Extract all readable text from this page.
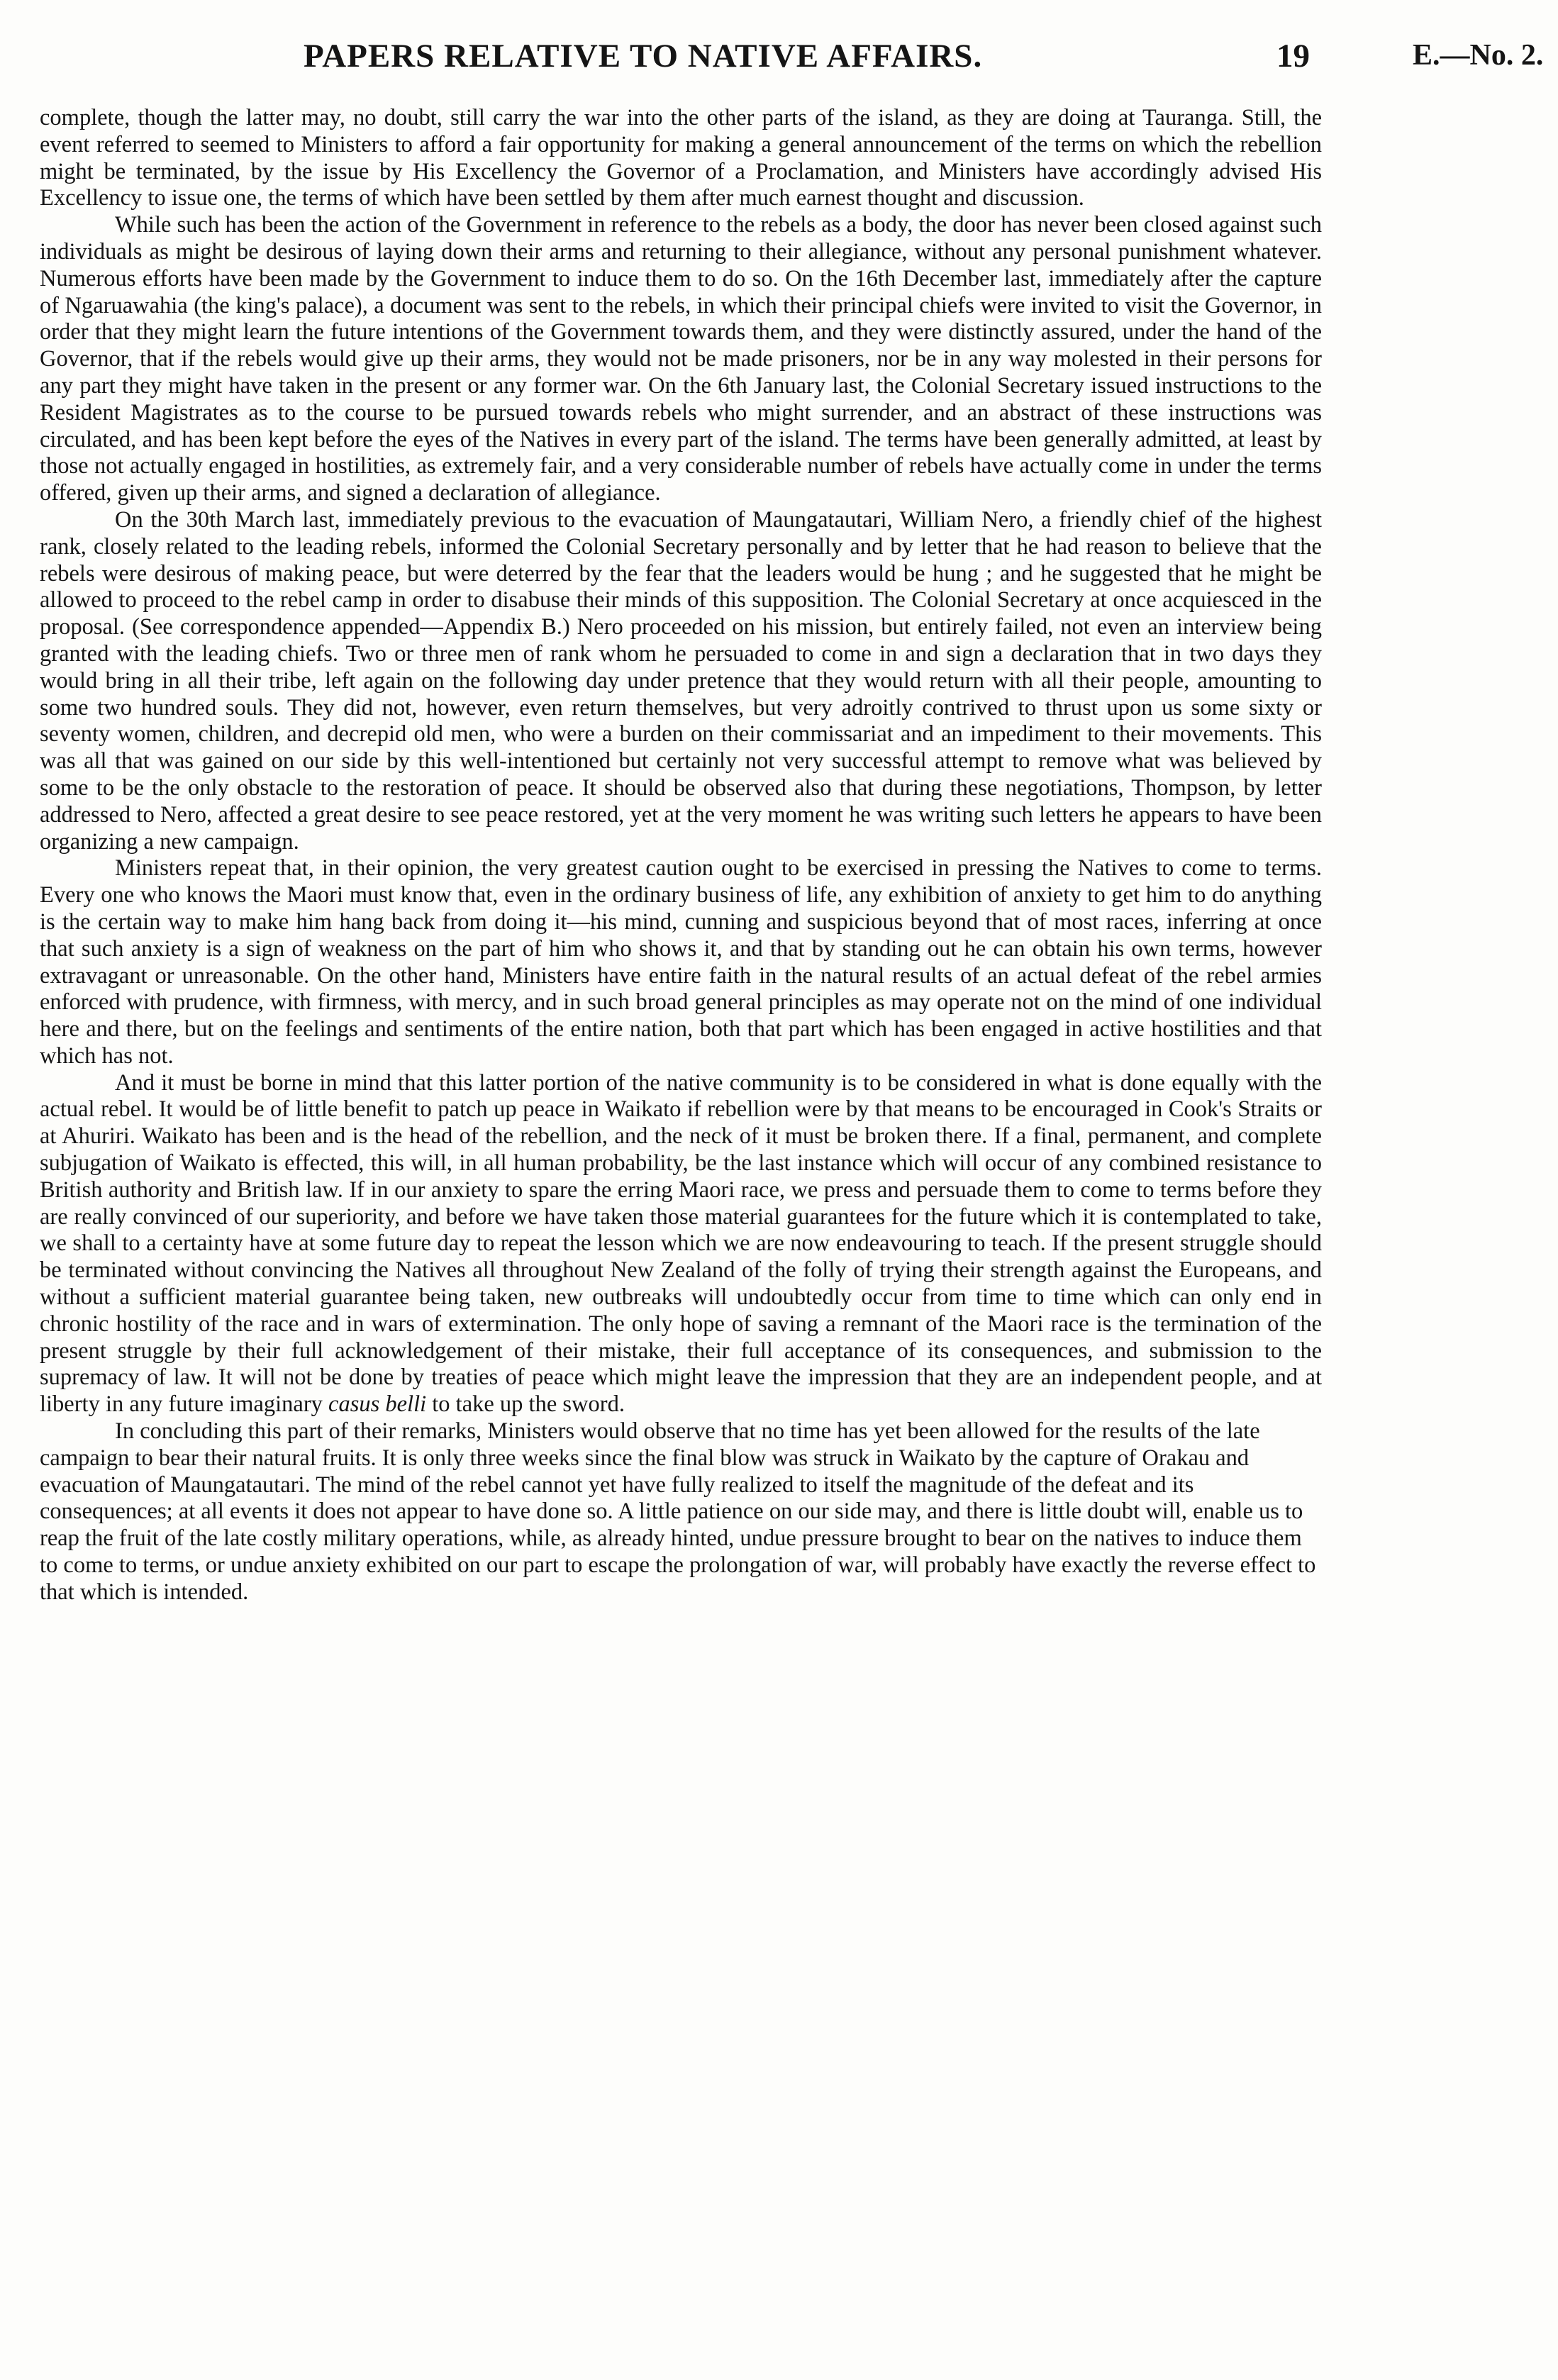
PAPERS RELATIVE TO NATIVE AFFAIRS.	19	E.—No. 2.

complete, though the latter may, no doubt, still carry the war into the other parts of the island, as they are doing at Tauranga. Still, the event referred to seemed to Ministers to afford a fair opportunity for making a general announcement of the terms on which the rebellion might be terminated, by the issue by His Excellency the Governor of a Proclamation, and Ministers have accordingly advised His Excellency to issue one, the terms of which have been settled by them after much earnest thought and discussion.

While such has been the action of the Government in reference to the rebels as a body, the door has never been closed against such individuals as might be desirous of laying down their arms and returning to their allegiance, without any personal punishment whatever. Numerous efforts have been made by the Government to induce them to do so. On the 16th December last, immediately after the capture of Ngaruawahia (the king's palace), a document was sent to the rebels, in which their principal chiefs were invited to visit the Governor, in order that they might learn the future intentions of the Government towards them, and they were distinctly assured, under the hand of the Governor, that if the rebels would give up their arms, they would not be made prisoners, nor be in any way molested in their persons for any part they might have taken in the present or any former war. On the 6th January last, the Colonial Secretary issued instructions to the Resident Magistrates as to the course to be pursued towards rebels who might surrender, and an abstract of these instructions was circulated, and has been kept before the eyes of the Natives in every part of the island. The terms have been generally admitted, at least by those not actually engaged in hostilities, as extremely fair, and a very considerable number of rebels have actually come in under the terms offered, given up their arms, and signed a declaration of allegiance.

On the 30th March last, immediately previous to the evacuation of Maungatautari, William Nero, a friendly chief of the highest rank, closely related to the leading rebels, informed the Colonial Secretary personally and by letter that he had reason to believe that the rebels were desirous of making peace, but were deterred by the fear that the leaders would be hung ; and he suggested that he might be allowed to proceed to the rebel camp in order to disabuse their minds of this supposition. The Colonial Secretary at once acquiesced in the proposal. (See correspondence appended—Appendix B.) Nero proceeded on his mission, but entirely failed, not even an interview being granted with the leading chiefs. Two or three men of rank whom he persuaded to come in and sign a declaration that in two days they would bring in all their tribe, left again on the following day under pretence that they would return with all their people, amounting to some two hundred souls. They did not, however, even return themselves, but very adroitly contrived to thrust upon us some sixty or seventy women, children, and decrepid old men, who were a burden on their commissariat and an impediment to their movements. This was all that was gained on our side by this well-intentioned but certainly not very successful attempt to remove what was believed by some to be the only obstacle to the restoration of peace. It should be observed also that during these negotiations, Thompson, by letter addressed to Nero, affected a great desire to see peace restored, yet at the very moment he was writing such letters he appears to have been organizing a new campaign.

Ministers repeat that, in their opinion, the very greatest caution ought to be exercised in pressing the Natives to come to terms. Every one who knows the Maori must know that, even in the ordinary business of life, any exhibition of anxiety to get him to do anything is the certain way to make him hang back from doing it—his mind, cunning and suspicious beyond that of most races, inferring at once that such anxiety is a sign of weakness on the part of him who shows it, and that by standing out he can obtain his own terms, however extravagant or unreasonable. On the other hand, Ministers have entire faith in the natural results of an actual defeat of the rebel armies enforced with prudence, with firmness, with mercy, and in such broad general principles as may operate not on the mind of one individual here and there, but on the feelings and sentiments of the entire nation, both that part which has been engaged in active hostilities and that which has not.

And it must be borne in mind that this latter portion of the native community is to be considered in what is done equally with the actual rebel. It would be of little benefit to patch up peace in Waikato if rebellion were by that means to be encouraged in Cook's Straits or at Ahuriri. Waikato has been and is the head of the rebellion, and the neck of it must be broken there. If a final, permanent, and complete subjugation of Waikato is effected, this will, in all human probability, be the last instance which will occur of any combined resistance to British authority and British law. If in our anxiety to spare the erring Maori race, we press and persuade them to come to terms before they are really convinced of our superiority, and before we have taken those material guarantees for the future which it is contemplated to take, we shall to a certainty have at some future day to repeat the lesson which we are now endeavouring to teach. If the present struggle should be terminated without convincing the Natives all throughout New Zealand of the folly of trying their strength against the Europeans, and without a sufficient material guarantee being taken, new outbreaks will undoubtedly occur from time to time which can only end in chronic hostility of the race and in wars of extermination. The only hope of saving a remnant of the Maori race is the termination of the present struggle by their full acknowledgement of their mistake, their full acceptance of its consequences, and submission to the supremacy of law. It will not be done by treaties of peace which might leave the impression that they are an independent people, and at liberty in any future imaginary casus belli to take up the sword.

In concluding this part of their remarks, Ministers would observe that no time has yet been allowed for the results of the late campaign to bear their natural fruits. It is only three weeks since the final blow was struck in Waikato by the capture of Orakau and evacuation of Maungatautari. The mind of the rebel cannot yet have fully realized to itself the magnitude of the defeat and its consequences; at all events it does not appear to have done so. A little patience on our side may, and there is little doubt will, enable us to reap the fruit of the late costly military operations, while, as already hinted, undue pressure brought to bear on the natives to induce them to come to terms, or undue anxiety exhibited on our part to escape the prolongation of war, will probably have exactly the reverse effect to that which is intended.
